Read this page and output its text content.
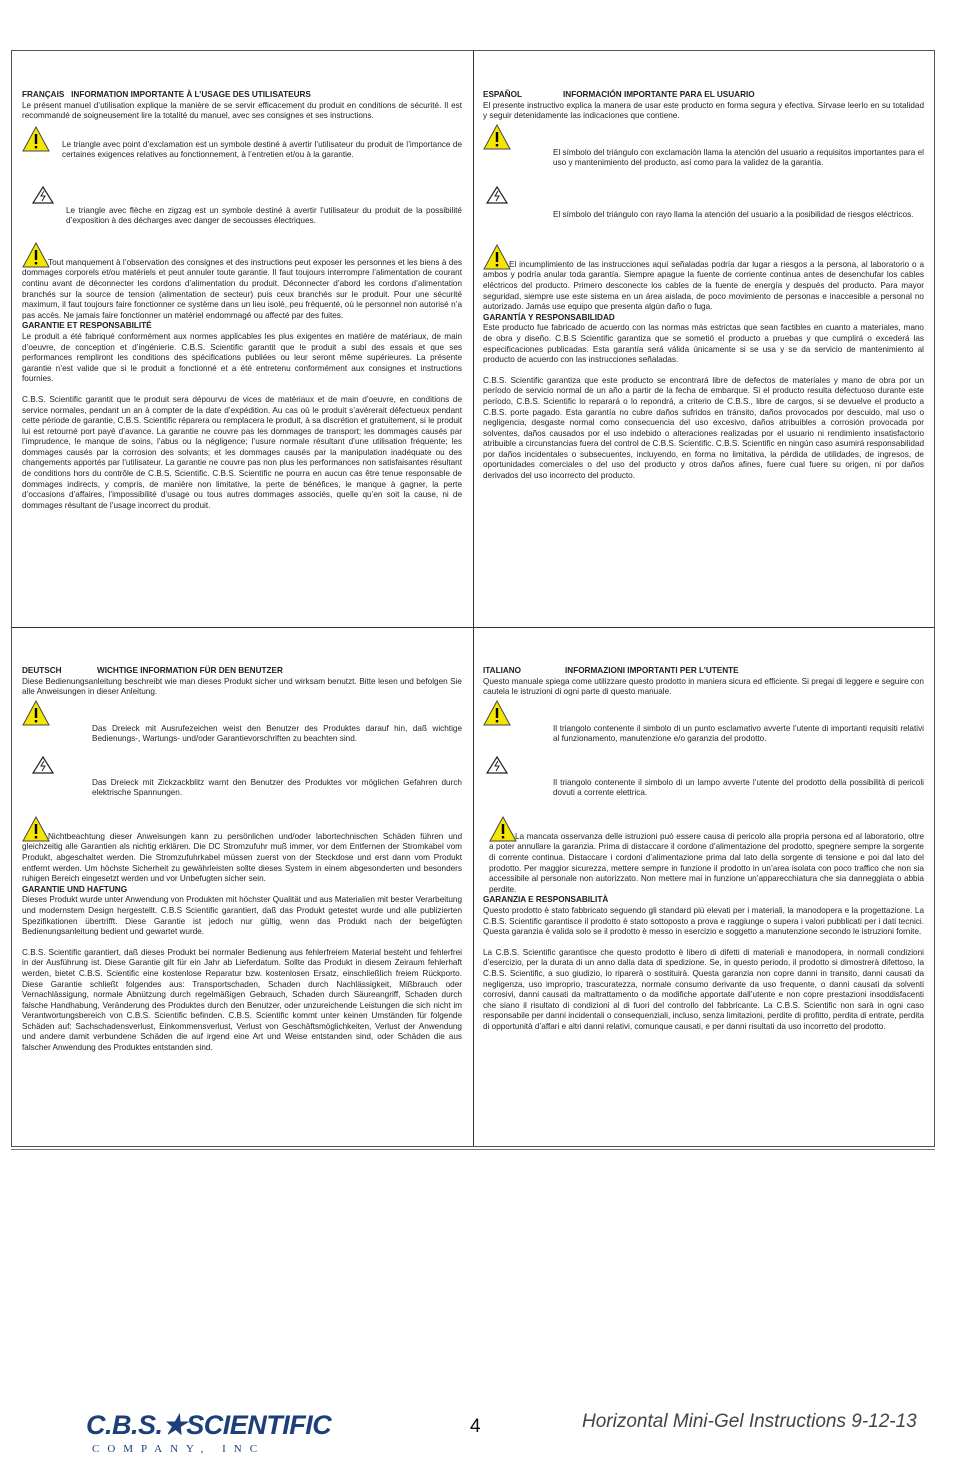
FRANÇAIS INFORMATION IMPORTANTE À L’USAGE DES UTILISATEURS

Le présent manuel d’utilisation explique la manière de se servir efficacement du produit en conditions de sécurité. Il est recommandé de soigneusement lire la totalité du manuel, avec ses consignes et ses instructions.

Le triangle avec point d’exclamation est un symbole destiné à avertir l’utilisateur du produit de l’importance de certaines exigences relatives au fonctionnement, à l’entretien et/ou à la garantie.

Le triangle avec flèche en zigzag est un symbole destiné à avertir l’utilisateur du produit de la possibilité d’exposition à des décharges avec danger de secousses électriques.

Tout manquement à l’observation des consignes et des instructions peut exposer les personnes et les biens à des dommages corporels et/ou matériels et peut annuler toute garantie. Il faut toujours interrompre l’alimentation de courant continu avant de déconnecter les cordons d’alimentation du produit. Déconnecter d’abord les cordons d’alimentation branchés sur la source de tension (alimentation de secteur) puis ceux branchés sur le produit. Pour une sécurité maximum, il faut toujours faire fonctionner ce système dans un lieu isolé, peu fréquenté, où le personnel non autorisé n’a pas accès. Ne jamais faire fonctionner un matériel endommagé ou affecté par des fuites.

GARANTIE ET RESPONSABILITÉ

Le produit a été fabriqué conformément aux normes applicables les plus exigentes en matière de matériaux, de main d’oeuvre, de conception et d’ingénierie. C.B.S. Scientific garantit que le produit a subi des essais et que ses performances rempliront les conditions des spécifications publiées ou leur seront même supérieures. La présente garantie n’est valide que si le produit a fonctionné et a été entretenu conformément aux consignes et instructions fournies.

C.B.S. Scientific garantit que le produit sera dépourvu de vices de matériaux et de main d’oeuvre, en conditions de service normales, pendant un an à compter de la date d’expédition. Au cas où le produit s’avérerait défectueux pendant cette période de garantie, C.B.S. Scientific réparera ou remplacera le produit, à sa discrétion et gratuitement, si le produit lui est retourné port payé d’avance. La garantie ne couvre pas les dommages de transport; les dommages causés par l’imprudence, le manque de soins, l’abus ou la négligence; l’usure normale résultant d’une utilisation fréquente; les dommages causés par la corrosion des solvants; et les dommages causés par la manipulation inadéquate ou des changements apportés par l’utilisateur. La garantie ne couvre pas non plus les performances non satisfaisantes résultant de conditions hors du contrôle de C.B.S. Scientific. C.B.S. Scientific ne pourra en aucun cas être tenue responsable de dommages indirects, y compris, de manière non limitative, la perte de bénéfices, le manque à gagner, la perte d’occasions d’affaires, l’impossibilité d’usage ou tous autres dommages associés, quelle qu’en soit la cause, ni de dommages résultant de l’usage incorrect du produit.

ESPAÑOL	INFORMACIÓN IMPORTANTE PARA EL USUARIO

El presente instructivo explica la manera de usar este producto en forma segura y efectiva. Sírvase leerlo en su totalidad y seguir detenidamente las indicaciones que contiene.

El símbolo del triángulo con exclamación llama la atención del usuario a requisitos importantes para el uso y mantenimiento del producto, así como para la validez de la garantía.

El símbolo del triángulo con rayo llama la atención del usuario a la posibilidad de riesgos eléctricos.

El incumplimiento de las instrucciones aquí señaladas podría dar lugar a riesgos a la persona, al laboratorio o a ambos y podría anular toda garantía. Siempre apague la fuente de corriente continua antes de desenchufar los cables eléctricos del producto. Primero desconecte los cables de la fuente de energía y después del producto. Para mayor seguridad, siempre use este sistema en un área aislada, de poco movimiento de personas e inaccesible a personal no autorizado. Jamás use equipo que presenta algún daño o fuga.

GARANTÍA Y RESPONSABILIDAD

Este producto fue fabricado de acuerdo con las normas más estrictas que sean factibles en cuanto a materiales, mano de obra y diseño. C.B.S Scientific garantiza que se sometió el producto a pruebas y que cumplirá o excederá las especificaciones publicadas. Esta garantía será válida únicamente si se usa y se da servicio de mantenimiento al producto de acuerdo con las instrucciones señaladas.

C.B.S. Scientific garantiza que este producto se encontrará libre de defectos de materiales y mano de obra por un período de servicio normal de un año a partir de la fecha de embarque. Si el producto resulta defectuoso durante este período, C.B.S. Scientific lo reparará o lo repondrá, a criterio de C.B.S., libre de cargos, si se devuelve el producto a C.B.S. porte pagado. Esta garantía no cubre daños sufridos en tránsito, daños provocados por descuido, mal uso o negligencia, desgaste normal como consecuencia del uso excesivo, daños atribuibles a corrosión provocada por solventes, daños causados por el uso indebido o alteraciones realizadas por el usuario ni rendimiento insatisfactorio atribuible a circunstancias fuera del control de C.B.S. Scientific. C.B.S. Scientific en ningún caso asumirá responsabilidad por daños incidentales o subsecuentes, incluyendo, en forma no limitativa, la pérdida de utilidades, de ingresos, de oportunidades comerciales o del uso del producto y otros daños afines, fuere cual fuere su origen, ni por daños derivados del uso incorrecto del producto.

DEUTSCH	WICHTIGE INFORMATION FÜR DEN BENUTZER

Diese Bedienungsanleitung beschreibt wie man dieses Produkt sicher und wirksam benutzt. Bitte lesen und befolgen Sie alle Anweisungen in dieser Anleitung.

Das Dreieck mit Ausrufezeichen weist den Benutzer des Produktes darauf hin, daß wichtige Bedienungs-, Wartungs- und/oder Garantievorschriften zu beachten sind.

Das Dreieck mit Zickzackblitz warnt den Benutzer des Produktes vor möglichen Gefahren durch elektrische Spannungen.

Nichtbeachtung dieser Anweisungen kann zu persönlichen und/oder labortechnischen Schäden führen und gleichzeitig alle Garantien als nichtig erklären. Die DC Stromzufuhr muß immer, vor dem Entfernen der Stromkabel vom Produkt, abgeschaltet werden. Die Stromzufuhrkabel müssen zuerst von der Steckdose und erst dann vom Produkt entfernt werden. Um höchste Sicherheit zu gewährleisten sollte dieses System in einem abgesonderten und besonders ruhigen Bereich eingesetzt werden und vor Unbefugten sicher sein.

GARANTIE UND HAFTUNG

Dieses Produkt wurde unter Anwendung von Produkten mit höchster Qualität und aus Materialien mit bester Verarbeitung und modernstem Design hergestellt. C.B.S Scientific garantiert, daß das Produkt getestet wurde und alle publizierten Spezifikationen übertrifft. Diese Garantie ist jedoch nur gültig, wenn das Produkt nach der beigefügten Bedienungsanleitung bedient und gewartet wurde.

C.B.S. Scientific garantiert, daß dieses Produkt bei normaler Bedienung aus fehlerfreiem Material besteht und fehlerfrei in der Ausführung ist. Diese Garantie gilt für ein Jahr ab Lieferdatum. Sollte das Produkt in diesem Zeiraum fehlerhaft werden, bietet C.B.S. Scientific eine kostenlose Reparatur bzw. kostenlosen Ersatz, einschließlich freiem Rückporto. Diese Garantie schließt folgendes aus: Transportschaden, Schaden durch Nachlässigkeit, Mißbrauch oder Vernachlässigung, normale Abnützung durch regelmäßigen Gebrauch, Schaden durch Säureangriff, Schaden durch falsche Handhabung, Veränderung des Produktes durch den Benutzer, oder unzureichende Leistungen die sich nicht im Verantwortungsbereich von C.B.S. Scientific befinden. C.B.S. Scientific kommt unter keinen Umständen für folgende Schäden auf: Sachschadensverlust, Einkommensverlust, Verlust von Geschäftsmöglichkeiten, Verlust der Anwendung und andere damit verbundene Schäden die auf irgend eine Art und Weise entstanden sind, oder Schäden die aus falscher Anwendung des Produktes entstanden sind.

ITALIANO	INFORMAZIONI IMPORTANTI PER L’UTENTE

Questo manuale spiega come utilizzare questo prodotto in maniera sicura ed efficiente. Si pregai di leggere e seguire con cautela le istruzioni di ogni parte di questo manuale.

Il triangolo contenente il simbolo di un punto esclamativo avverte l’utente di importanti requisiti relativi al funzionamento, manutenzione e/o garanzia del prodotto.

Il triangolo contenente il simbolo di un lampo avverte l’utente del prodotto della possibilità di pericoli dovuti a corrente elettrica.

La mancata osservanza delle istruzioni può essere causa di pericolo alla propria persona ed al laboratorio, oltre a poter annullare la garanzia. Prima di distaccare il cordone d’alimentazione del prodotto, spegnere sempre la sorgente di corrente continua. Distaccare i cordoni d’alimentazione prima dal lato della sorgente di tensione e poi dal lato del prodotto. Per maggior sicurezza, mettere sempre in funzione il prodotto in un’area isolata con poco traffico che non sia accessibile al personale non autorizzato. Non mettere mai in funzione un’apparecchiatura che sia danneggiata o abbia perdite.

GARANZIA E RESPONSABILITÀ

Questo prodotto è stato fabbricato seguendo gli standard più elevati per i materiali, la manodopera e la progettazione. La C.B.S. Scientific garantisce il prodotto è stato sottoposto a prova e raggiunge o supera i valori pubblicati per i dati tecnici. Questa garanzia è valida solo se il prodotto è messo in esercizio e soggetto a manutenzione secondo le istruzioni fornite.

La C.B.S. Scientific garantisce che questo prodotto è libero di difetti di materiali e manodopera, in normali condizioni d’esercizio, per la durata di un anno dalla data di spedizione. Se, in questo periodo, il prodotto si dimostrerà difettoso, la C.B.S. Scientific, a suo giudizio, lo riparerà o sostituirà. Questa garanzia non copre danni in transito, danni causati da negligenza, uso improprio, trascuratezza, normale consumo derivante da uso frequente, o danni causati da solventi corrosivi, danni causati da maltrattamento o da modifiche apportate dall’utente e non copre prestazioni insoddisfacenti che siano il risultato di condizioni al di fuori del controllo del fabbricante. La C.B.S. Scientific non sarà in ogni caso responsabile per danni incidentali o consequenziali, incluso, senza limitazioni, perdite di profitto, perdita di entrate, perdita di opportunità d’affari e altri danni relativi, comunque causati, e per danni risultati da uso incorretto del prodotto.

C.B.S.★SCIENTIFIC
COMPANY, INC
4	Horizontal Mini-Gel Instructions 9-12-13
